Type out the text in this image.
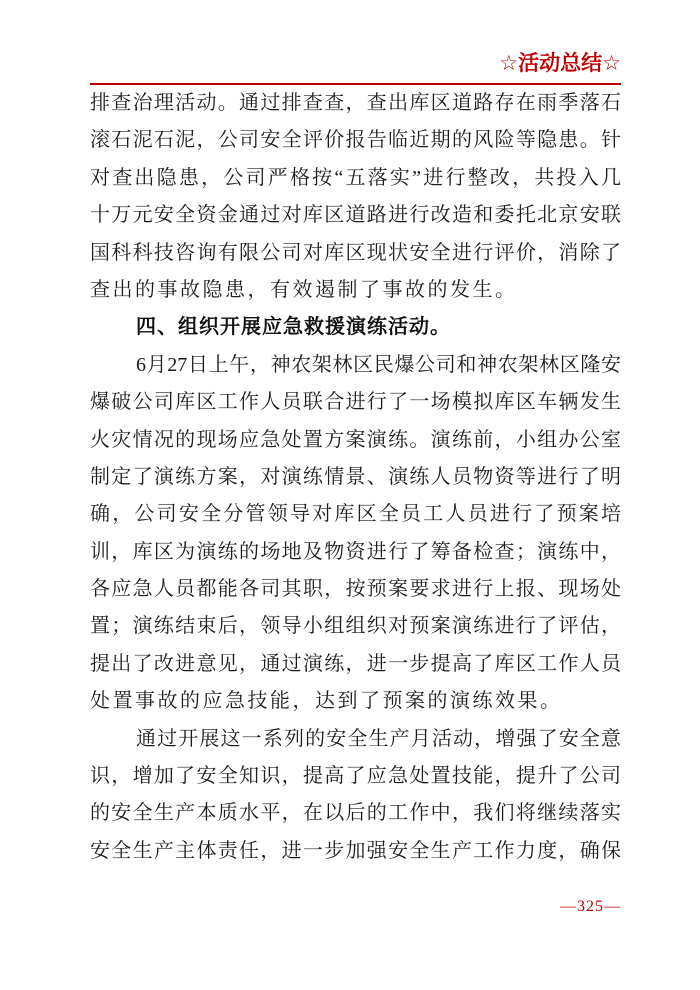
☆活动总结☆
排查治理活动。通过排查查，查出库区道路存在雨季落石
滚石泥石泥，公司安全评价报告临近期的风险等隐患。针
对查出隐患，公司严格按“五落实”进行整改，共投入几
十万元安全资金通过对库区道路进行改造和委托北京安联
国科科技咨询有限公司对库区现状安全进行评价，消除了
查出的事故隐患，有效遏制了事故的发生。
四、组织开展应急救援演练活动。
6月27日上午，神农架林区民爆公司和神农架林区隆安
爆破公司库区工作人员联合进行了一场模拟库区车辆发生
火灾情况的现场应急处置方案演练。演练前，小组办公室
制定了演练方案，对演练情景、演练人员物资等进行了明
确，公司安全分管领导对库区全员工人员进行了预案培
训，库区为演练的场地及物资进行了筹备检查；演练中，
各应急人员都能各司其职，按预案要求进行上报、现场处
置；演练结束后，领导小组组织对预案演练进行了评估，
提出了改进意见，通过演练，进一步提高了库区工作人员
处置事故的应急技能，达到了预案的演练效果。
通过开展这一系列的安全生产月活动，增强了安全意
识，增加了安全知识，提高了应急处置技能，提升了公司
的安全生产本质水平，在以后的工作中，我们将继续落实
安全生产主体责任，进一步加强安全生产工作力度，确保
—325—
